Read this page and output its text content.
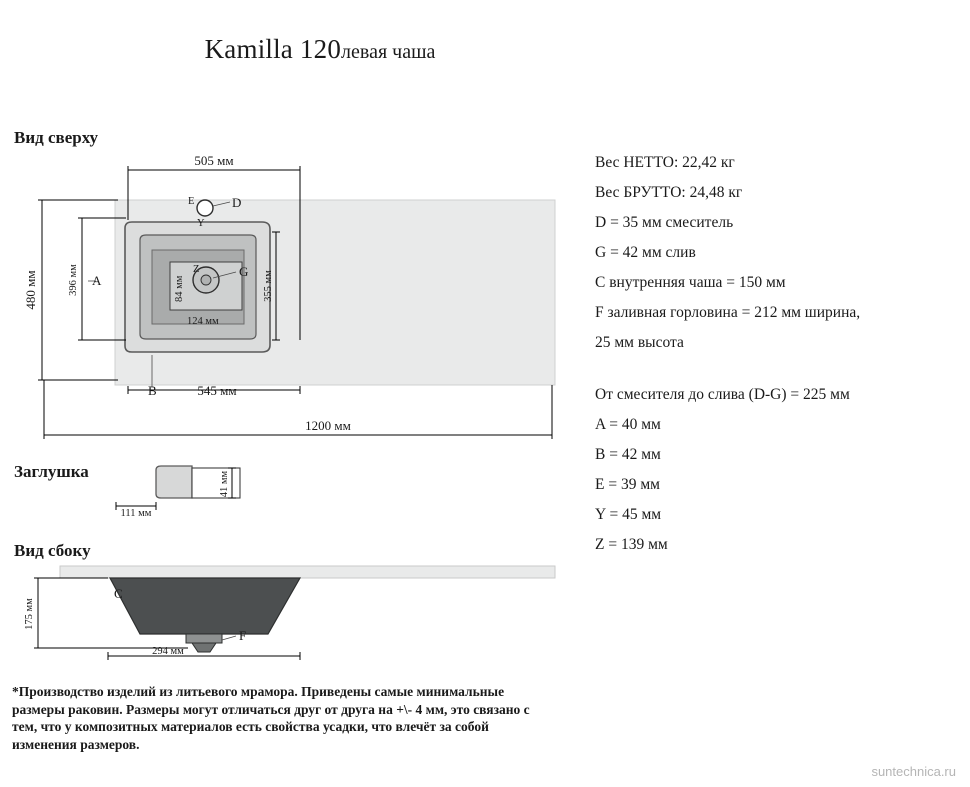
Kamilla 120левая чаша
Вид сверху
Заглушка
Вид сбоку
D
E
Y
Z	G
124 мм
84 мм
505 мм
480 мм	396 мм A	355 мм
545 мм
B
1200 мм
111 мм
41 мм
175 мм
C
F
294 мм
Вес НЕТТО: 22,42 кг
Вес БРУТТО: 24,48 кг
D = 35 мм смеситель
G = 42 мм слив
C внутренняя чаша = 150 мм
F заливная горловина = 212 мм ширина,
25 мм высота
От смесителя до слива (D-G) = 225 мм
A = 40 мм
B = 42 мм
E = 39 мм
Y = 45 мм
Z = 139 мм
*Производство изделий из литьевого мрамора. Приведены самые минимальные размеры раковин. Размеры могут отличаться друг от друга на +\- 4 мм, это связано с тем, что у композитных материалов есть свойства усадки, что влечёт за собой изменения размеров.
suntechnica.ru
